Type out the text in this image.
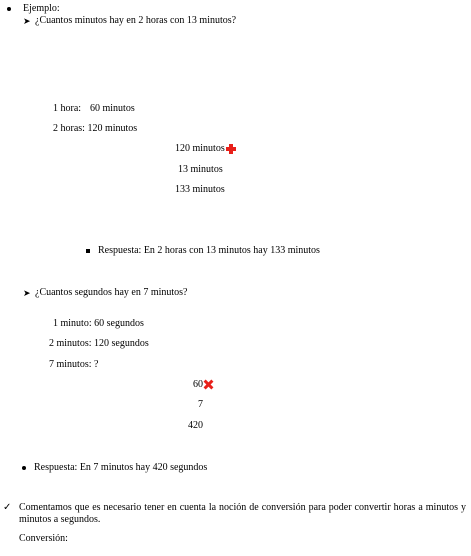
Ejemplo:
➤ ¿Cuantos minutos hay en 2 horas con 13 minutos?
1 hora: 60 minutos
2 horas: 120 minutos
120 minutos
13 minutos
133 minutos
Respuesta: En 2 horas con 13 minutos hay 133 minutos
➤ ¿Cuantos segundos hay en 7 minutos?
1 minuto: 60 segundos
2 minutos: 120 segundos
7 minutos: ?
60
7
420
Respuesta: En 7 minutos hay 420 segundos
✓ Comentamos que es necesario tener en cuenta la noción de conversión para poder convertir horas a minutos y minutos a segundos.
Conversión:
